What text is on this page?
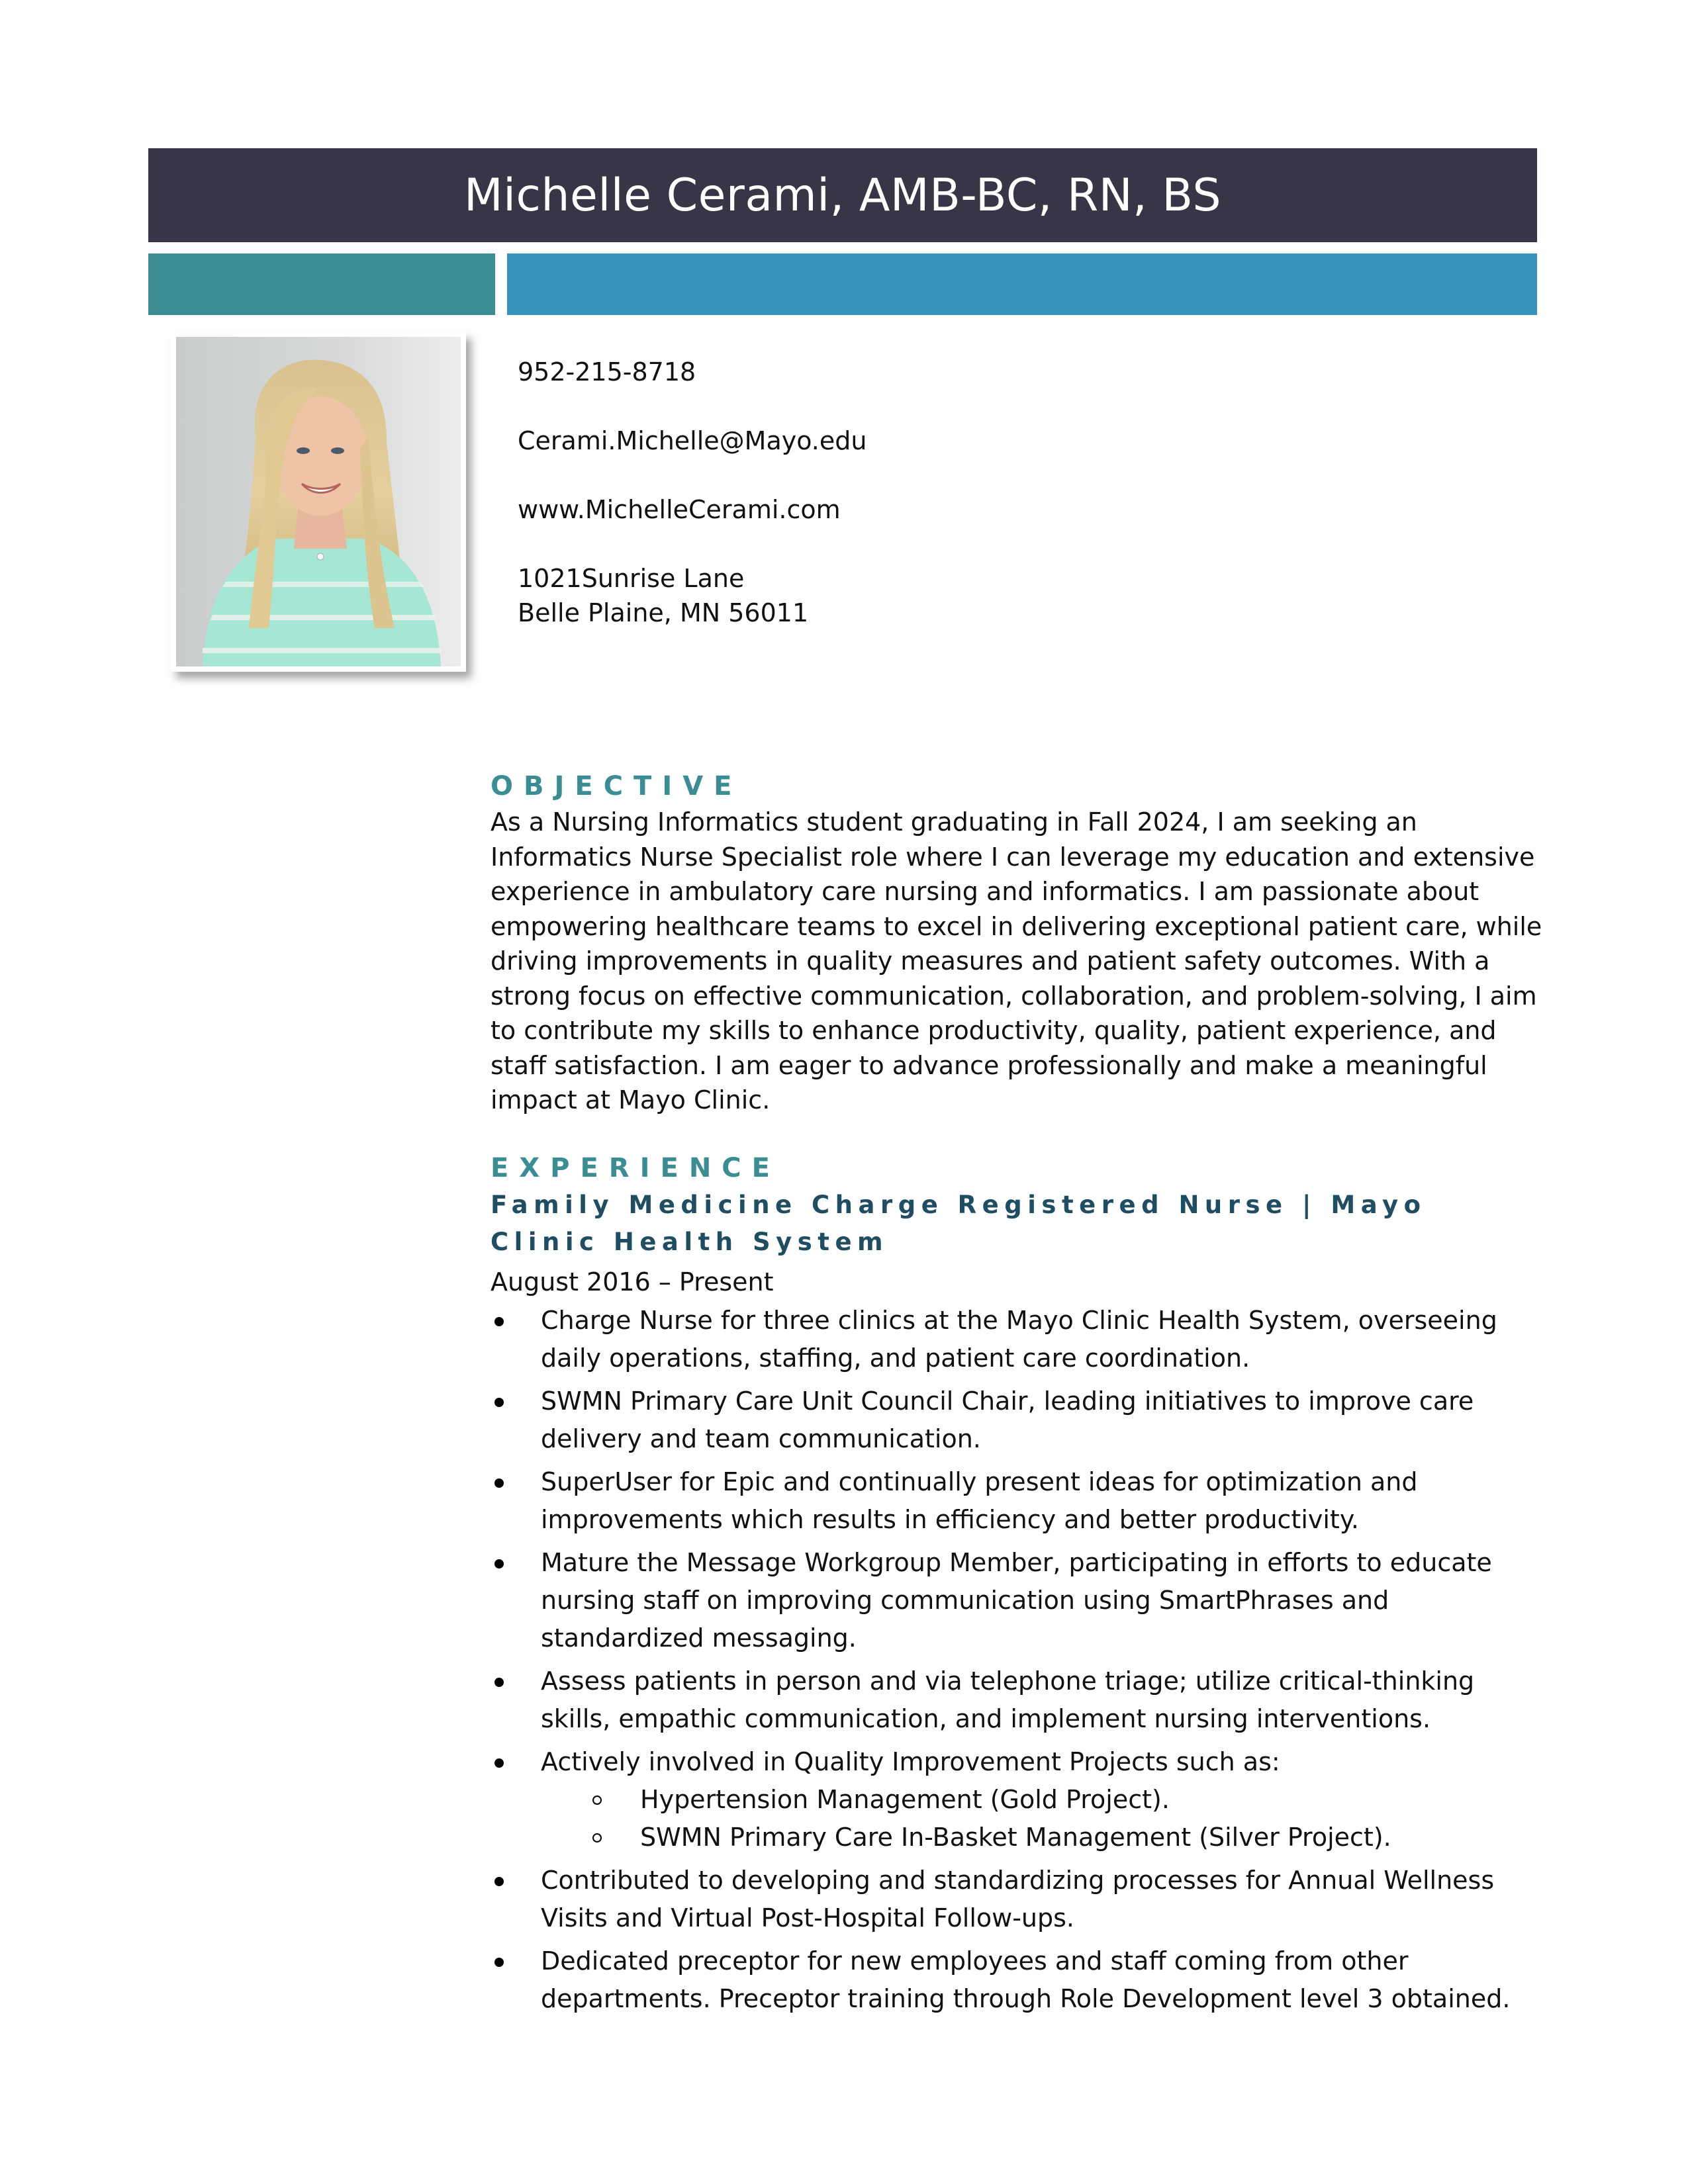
Michelle Cerami, AMB-BC, RN, BS
952-215-8718
Cerami.Michelle@Mayo.edu
www.MichelleCerami.com
1021Sunrise Lane
Belle Plaine, MN 56011
OBJECTIVE

As a Nursing Informatics student graduating in Fall 2024, I am seeking an Informatics Nurse Specialist role where I can leverage my education and extensive experience in ambulatory care nursing and informatics. I am passionate about empowering healthcare teams to excel in delivering exceptional patient care, while driving improvements in quality measures and patient safety outcomes. With a strong focus on effective communication, collaboration, and problem-solving, I aim to contribute my skills to enhance productivity, quality, patient experience, and staff satisfaction. I am eager to advance professionally and make a meaningful impact at Mayo Clinic.

EXPERIENCE
Family Medicine Charge Registered Nurse | Mayo Clinic Health System
August 2016 – Present
Charge Nurse for three clinics at the Mayo Clinic Health System, overseeing daily operations, staffing, and patient care coordination.
SWMN Primary Care Unit Council Chair, leading initiatives to improve care delivery and team communication.
SuperUser for Epic and continually present ideas for optimization and improvements which results in efficiency and better productivity.
Mature the Message Workgroup Member, participating in efforts to educate nursing staff on improving communication using SmartPhrases and standardized messaging.
Assess patients in person and via telephone triage; utilize critical-thinking skills, empathic communication, and implement nursing interventions.
Actively involved in Quality Improvement Projects such as:
Hypertension Management (Gold Project).
SWMN Primary Care In-Basket Management (Silver Project).
Contributed to developing and standardizing processes for Annual Wellness Visits and Virtual Post-Hospital Follow-ups.
Dedicated preceptor for new employees and staff coming from other departments. Preceptor training through Role Development level 3 obtained.
